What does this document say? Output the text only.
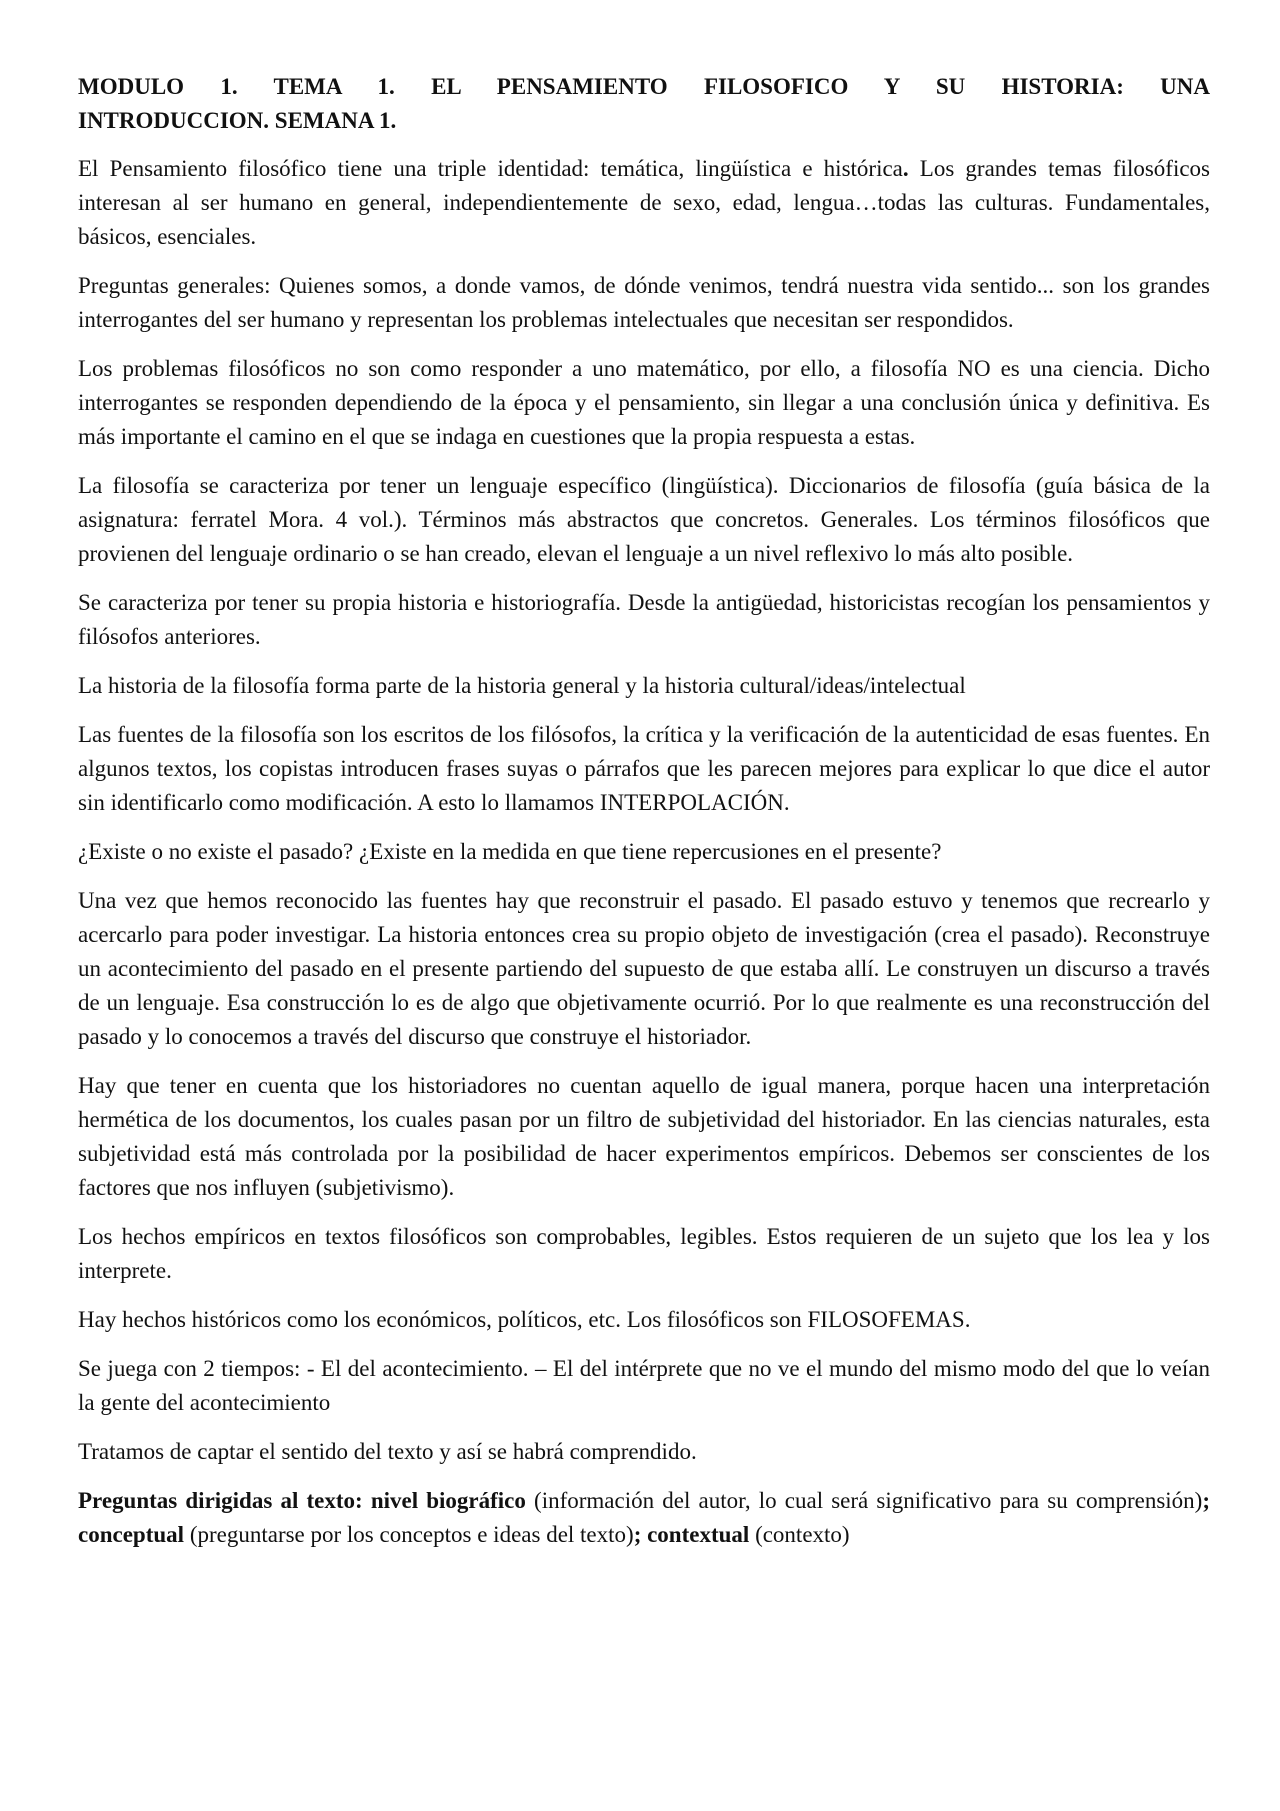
MODULO 1. TEMA 1. EL PENSAMIENTO FILOSOFICO Y SU HISTORIA: UNA
INTRODUCCION. SEMANA 1.

El Pensamiento filosófico tiene una triple identidad: temática, lingüística e histórica. Los grandes temas filosóficos interesan al ser humano en general, independientemente de sexo, edad, lengua…todas las culturas. Fundamentales, básicos, esenciales.

Preguntas generales: Quienes somos, a donde vamos, de dónde venimos, tendrá nuestra vida sentido... son los grandes interrogantes del ser humano y representan los problemas intelectuales que necesitan ser respondidos.

Los problemas filosóficos no son como responder a uno matemático, por ello, a filosofía NO es una ciencia. Dicho interrogantes se responden dependiendo de la época y el pensamiento, sin llegar a una conclusión única y definitiva. Es más importante el camino en el que se indaga en cuestiones que la propia respuesta a estas.

La filosofía se caracteriza por tener un lenguaje específico (lingüística). Diccionarios de filosofía (guía básica de la asignatura: ferratel Mora. 4 vol.). Términos más abstractos que concretos. Generales. Los términos filosóficos que provienen del lenguaje ordinario o se han creado, elevan el lenguaje a un nivel reflexivo lo más alto posible.

Se caracteriza por tener su propia historia e historiografía. Desde la antigüedad, historicistas recogían los pensamientos y filósofos anteriores.

La historia de la filosofía forma parte de la historia general y la historia cultural/ideas/intelectual

Las fuentes de la filosofía son los escritos de los filósofos, la crítica y la verificación de la autenticidad de esas fuentes. En algunos textos, los copistas introducen frases suyas o párrafos que les parecen mejores para explicar lo que dice el autor sin identificarlo como modificación. A esto lo llamamos INTERPOLACIÓN.

¿Existe o no existe el pasado? ¿Existe en la medida en que tiene repercusiones en el presente?

Una vez que hemos reconocido las fuentes hay que reconstruir el pasado. El pasado estuvo y tenemos que recrearlo y acercarlo para poder investigar. La historia entonces crea su propio objeto de investigación (crea el pasado). Reconstruye un acontecimiento del pasado en el presente partiendo del supuesto de que estaba allí. Le construyen un discurso a través de un lenguaje. Esa construcción lo es de algo que objetivamente ocurrió. Por lo que realmente es una reconstrucción del pasado y lo conocemos a través del discurso que construye el historiador.

Hay que tener en cuenta que los historiadores no cuentan aquello de igual manera, porque hacen una interpretación hermética de los documentos, los cuales pasan por un filtro de subjetividad del historiador. En las ciencias naturales, esta subjetividad está más controlada por la posibilidad de hacer experimentos empíricos. Debemos ser conscientes de los factores que nos influyen (subjetivismo).

Los hechos empíricos en textos filosóficos son comprobables, legibles. Estos requieren de un sujeto que los lea y los interprete.

Hay hechos históricos como los económicos, políticos, etc. Los filosóficos son FILOSOFEMAS.

Se juega con 2 tiempos: - El del acontecimiento. – El del intérprete que no ve el mundo del mismo modo del que lo veían la gente del acontecimiento

Tratamos de captar el sentido del texto y así se habrá comprendido.

Preguntas dirigidas al texto: nivel biográfico (información del autor, lo cual será significativo para su comprensión); conceptual (preguntarse por los conceptos e ideas del texto); contextual (contexto)
